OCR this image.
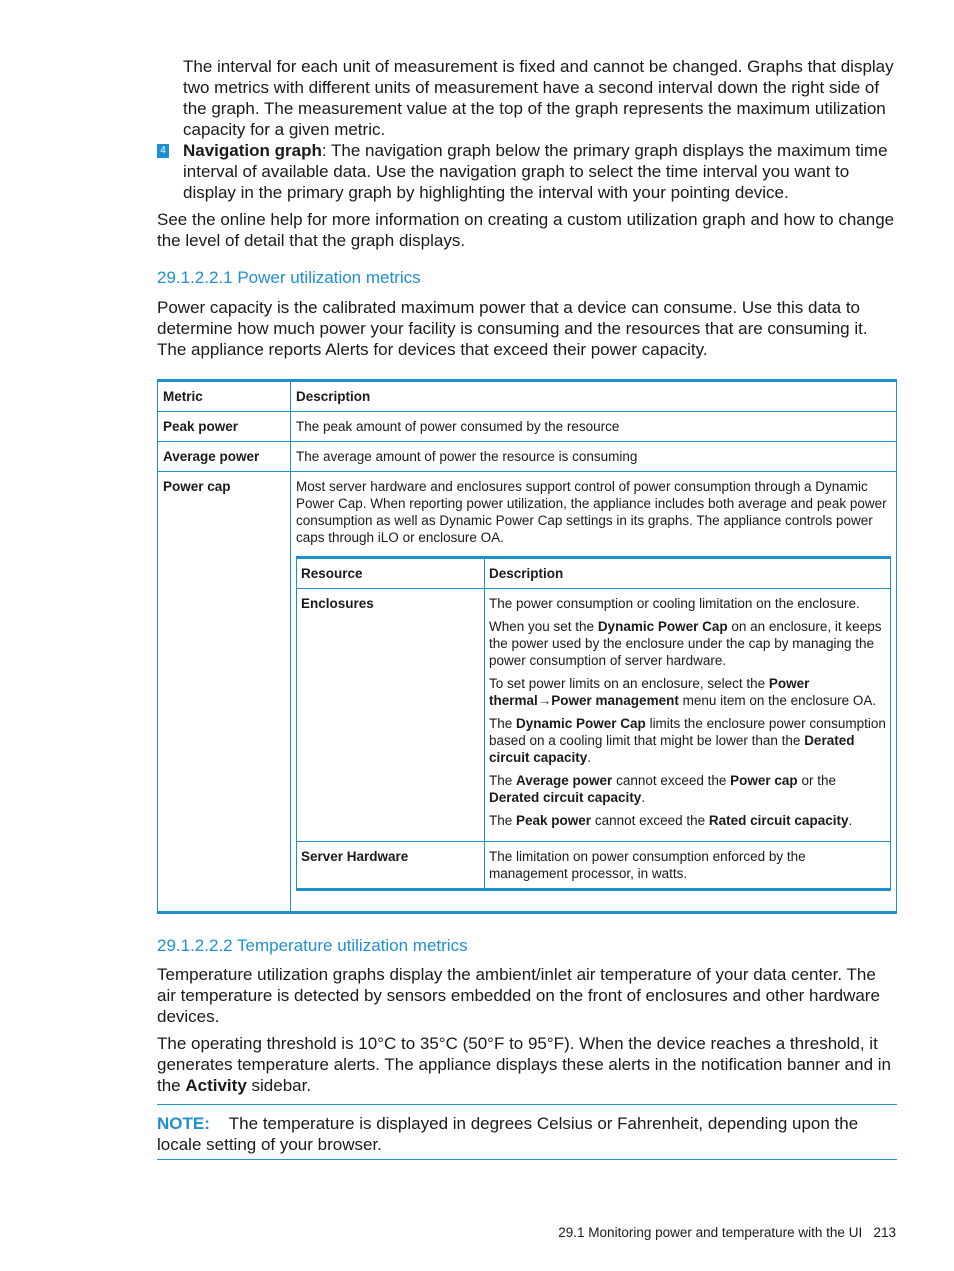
The interval for each unit of measurement is fixed and cannot be changed. Graphs that display two metrics with different units of measurement have a second interval down the right side of the graph. The measurement value at the top of the graph represents the maximum utilization capacity for a given metric.

4 Navigation graph: The navigation graph below the primary graph displays the maximum time interval of available data. Use the navigation graph to select the time interval you want to display in the primary graph by highlighting the interval with your pointing device.

See the online help for more information on creating a custom utilization graph and how to change the level of detail that the graph displays.

29.1.2.2.1 Power utilization metrics

Power capacity is the calibrated maximum power that a device can consume. Use this data to determine how much power your facility is consuming and the resources that are consuming it. The appliance reports Alerts for devices that exceed their power capacity.

Metric	Description
Peak power	The peak amount of power consumed by the resource
Average power	The average amount of power the resource is consuming
Power cap	Most server hardware and enclosures support control of power consumption through a Dynamic Power Cap. When reporting power utilization, the appliance includes both average and peak power consumption as well as Dynamic Power Cap settings in its graphs. The appliance controls power caps through iLO or enclosure OA.
Resource	Description
Enclosures	The power consumption or cooling limitation on the enclosure.

When you set the Dynamic Power Cap on an enclosure, it keeps the power used by the enclosure under the cap by managing the power consumption of server hardware.

To set power limits on an enclosure, select the Power thermal→Power management menu item on the enclosure OA.

The Dynamic Power Cap limits the enclosure power consumption based on a cooling limit that might be lower than the Derated circuit capacity.

The Average power cannot exceed the Power cap or the Derated circuit capacity.

The Peak power cannot exceed the Rated circuit capacity.

Server Hardware	The limitation on power consumption enforced by the management processor, in watts.
29.1.2.2.2 Temperature utilization metrics

Temperature utilization graphs display the ambient/inlet air temperature of your data center. The air temperature is detected by sensors embedded on the front of enclosures and other hardware devices.

The operating threshold is 10°C to 35°C (50°F to 95°F). When the device reaches a threshold, it generates temperature alerts. The appliance displays these alerts in the notification banner and in the Activity sidebar.

NOTE: The temperature is displayed in degrees Celsius or Fahrenheit, depending upon the locale setting of your browser.

29.1 Monitoring power and temperature with the UI 213
